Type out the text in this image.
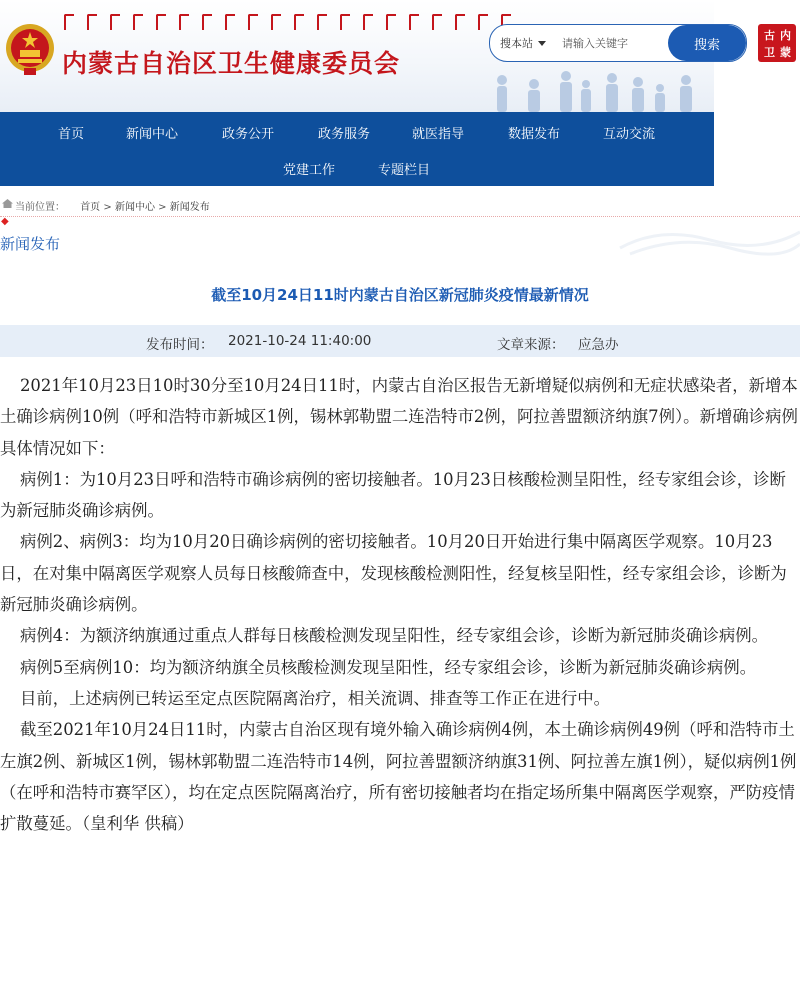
内蒙古自治区卫生健康委员会
搜本站
请输入关键字	搜索
内
蒙
古
卫
首页	新闻中心	政务公开	政务服务	就医指导	数据发布	互动交流
党建工作	专题栏目
当前位置： 首页 > 新闻中心 > 新闻发布
◆
新闻发布
截至10月24日11时内蒙古自治区新冠肺炎疫情最新情况
发布时间： 2021-10-24 11:40:00	文章来源： 应急办

2021年10月23日10时30分至10月24日11时，内蒙古自治区报告无新增疑似病例和无症状感染者，新增本土确诊病例10例（呼和浩特市新城区1例，锡林郭勒盟二连浩特市2例，阿拉善盟额济纳旗7例）。新增确诊病例具体情况如下：

病例1：为10月23日呼和浩特市确诊病例的密切接触者。10月23日核酸检测呈阳性，经专家组会诊，诊断为新冠肺炎确诊病例。

病例2、病例3：均为10月20日确诊病例的密切接触者。10月20日开始进行集中隔离医学观察。10月23日，在对集中隔离医学观察人员每日核酸筛查中，发现核酸检测阳性，经复核呈阳性，经专家组会诊，诊断为新冠肺炎确诊病例。

病例4：为额济纳旗通过重点人群每日核酸检测发现呈阳性，经专家组会诊，诊断为新冠肺炎确诊病例。

病例5至病例10：均为额济纳旗全员核酸检测发现呈阳性，经专家组会诊，诊断为新冠肺炎确诊病例。

目前，上述病例已转运至定点医院隔离治疗，相关流调、排查等工作正在进行中。

截至2021年10月24日11时，内蒙古自治区现有境外输入确诊病例4例，本土确诊病例49例（呼和浩特市土左旗2例、新城区1例，锡林郭勒盟二连浩特市14例，阿拉善盟额济纳旗31例、阿拉善左旗1例），疑似病例1例（在呼和浩特市赛罕区），均在定点医院隔离治疗，所有密切接触者均在指定场所集中隔离医学观察，严防疫情扩散蔓延。（皇利华 供稿）
